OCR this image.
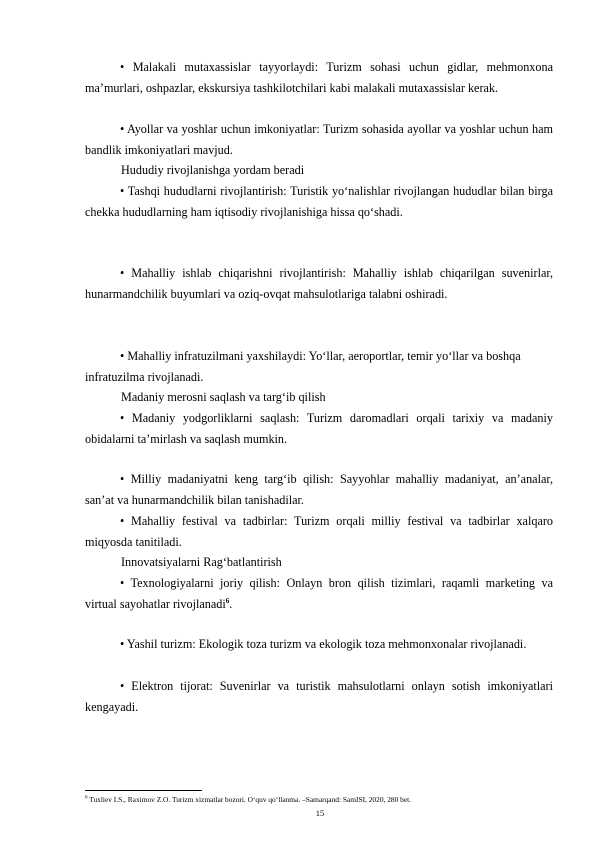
• Malakali mutaxassislar tayyorlaydi: Turizm sohasi uchun gidlar, mehmonxona ma’murlari, oshpazlar, ekskursiya tashkilotchilari kabi malakali mutaxassislar kerak.

• Ayollar va yoshlar uchun imkoniyatlar: Turizm sohasida ayollar va yoshlar uchun ham bandlik imkoniyatlari mavjud.

Hududiy rivojlanishga yordam beradi

• Tashqi hududlarni rivojlantirish: Turistik yo‘nalishlar rivojlangan hududlar bilan birga chekka hududlarning ham iqtisodiy rivojlanishiga hissa qo‘shadi.

• Mahalliy ishlab chiqarishni rivojlantirish: Mahalliy ishlab chiqarilgan suvenirlar, hunarmandchilik buyumlari va oziq-ovqat mahsulotlariga talabni oshiradi.

• Mahalliy infratuzilmani yaxshilaydi: Yo‘llar, aeroportlar, temir yo‘llar va boshqa infratuzilma rivojlanadi.

Madaniy merosni saqlash va targ‘ib qilish

• Madaniy yodgorliklarni saqlash: Turizm daromadlari orqali tarixiy va madaniy obidalarni ta’mirlash va saqlash mumkin.

• Milliy madaniyatni keng targ‘ib qilish: Sayyohlar mahalliy madaniyat, an’analar, san’at va hunarmandchilik bilan tanishadilar.

• Mahalliy festival va tadbirlar: Turizm orqali milliy festival va tadbirlar xalqaro miqyosda tanitiladi.

Innovatsiyalarni Rag‘batlantirish

• Texnologiyalarni joriy qilish: Onlayn bron qilish tizimlari, raqamli marketing va virtual sayohatlar rivojlanadi$^6$.

• Yashil turizm: Ekologik toza turizm va ekologik toza mehmonxonalar rivojlanadi.

• Elektron tijorat: Suvenirlar va turistik mahsulotlarni onlayn sotish imkoniyatlari kengayadi.

$^6$ Tuxliev I.S., Raximov Z.O. Turizm xizmatlar bozori. O‘quv qo‘llanma. –Samarqand: SamISI, 2020, 280 bet.
15
